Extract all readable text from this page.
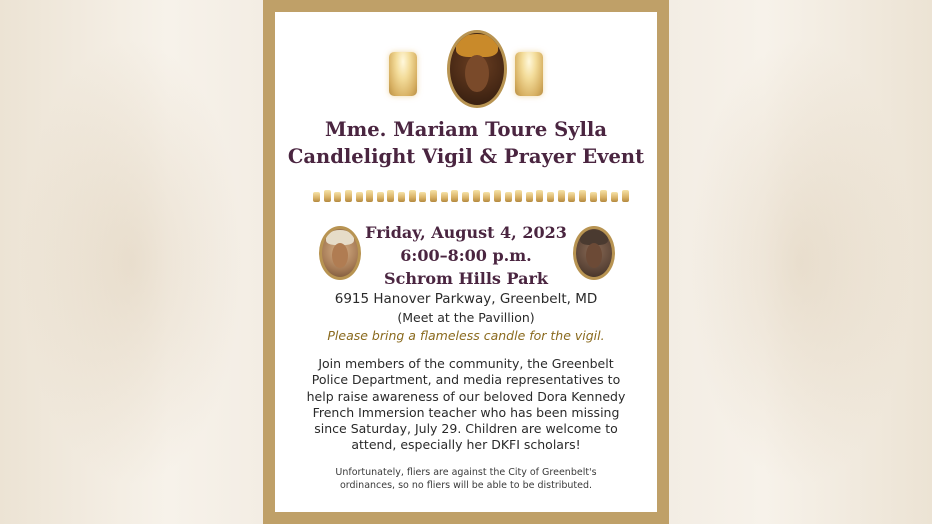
Mme. Mariam Toure Sylla
Candlelight Vigil & Prayer Event
Friday, August 4, 2023
6:00–8:00 p.m.
Schrom Hills Park
6915 Hanover Parkway, Greenbelt, MD
(Meet at the Pavillion)
Please bring a flameless candle for the vigil.
Join members of the community, the Greenbelt
Police Department, and media representatives to
help raise awareness of our beloved Dora Kennedy
French Immersion teacher who has been missing
since Saturday, July 29. Children are welcome to
attend, especially her DKFI scholars!
Unfortunately, fliers are against the City of Greenbelt's
ordinances, so no fliers will be able to be distributed.
